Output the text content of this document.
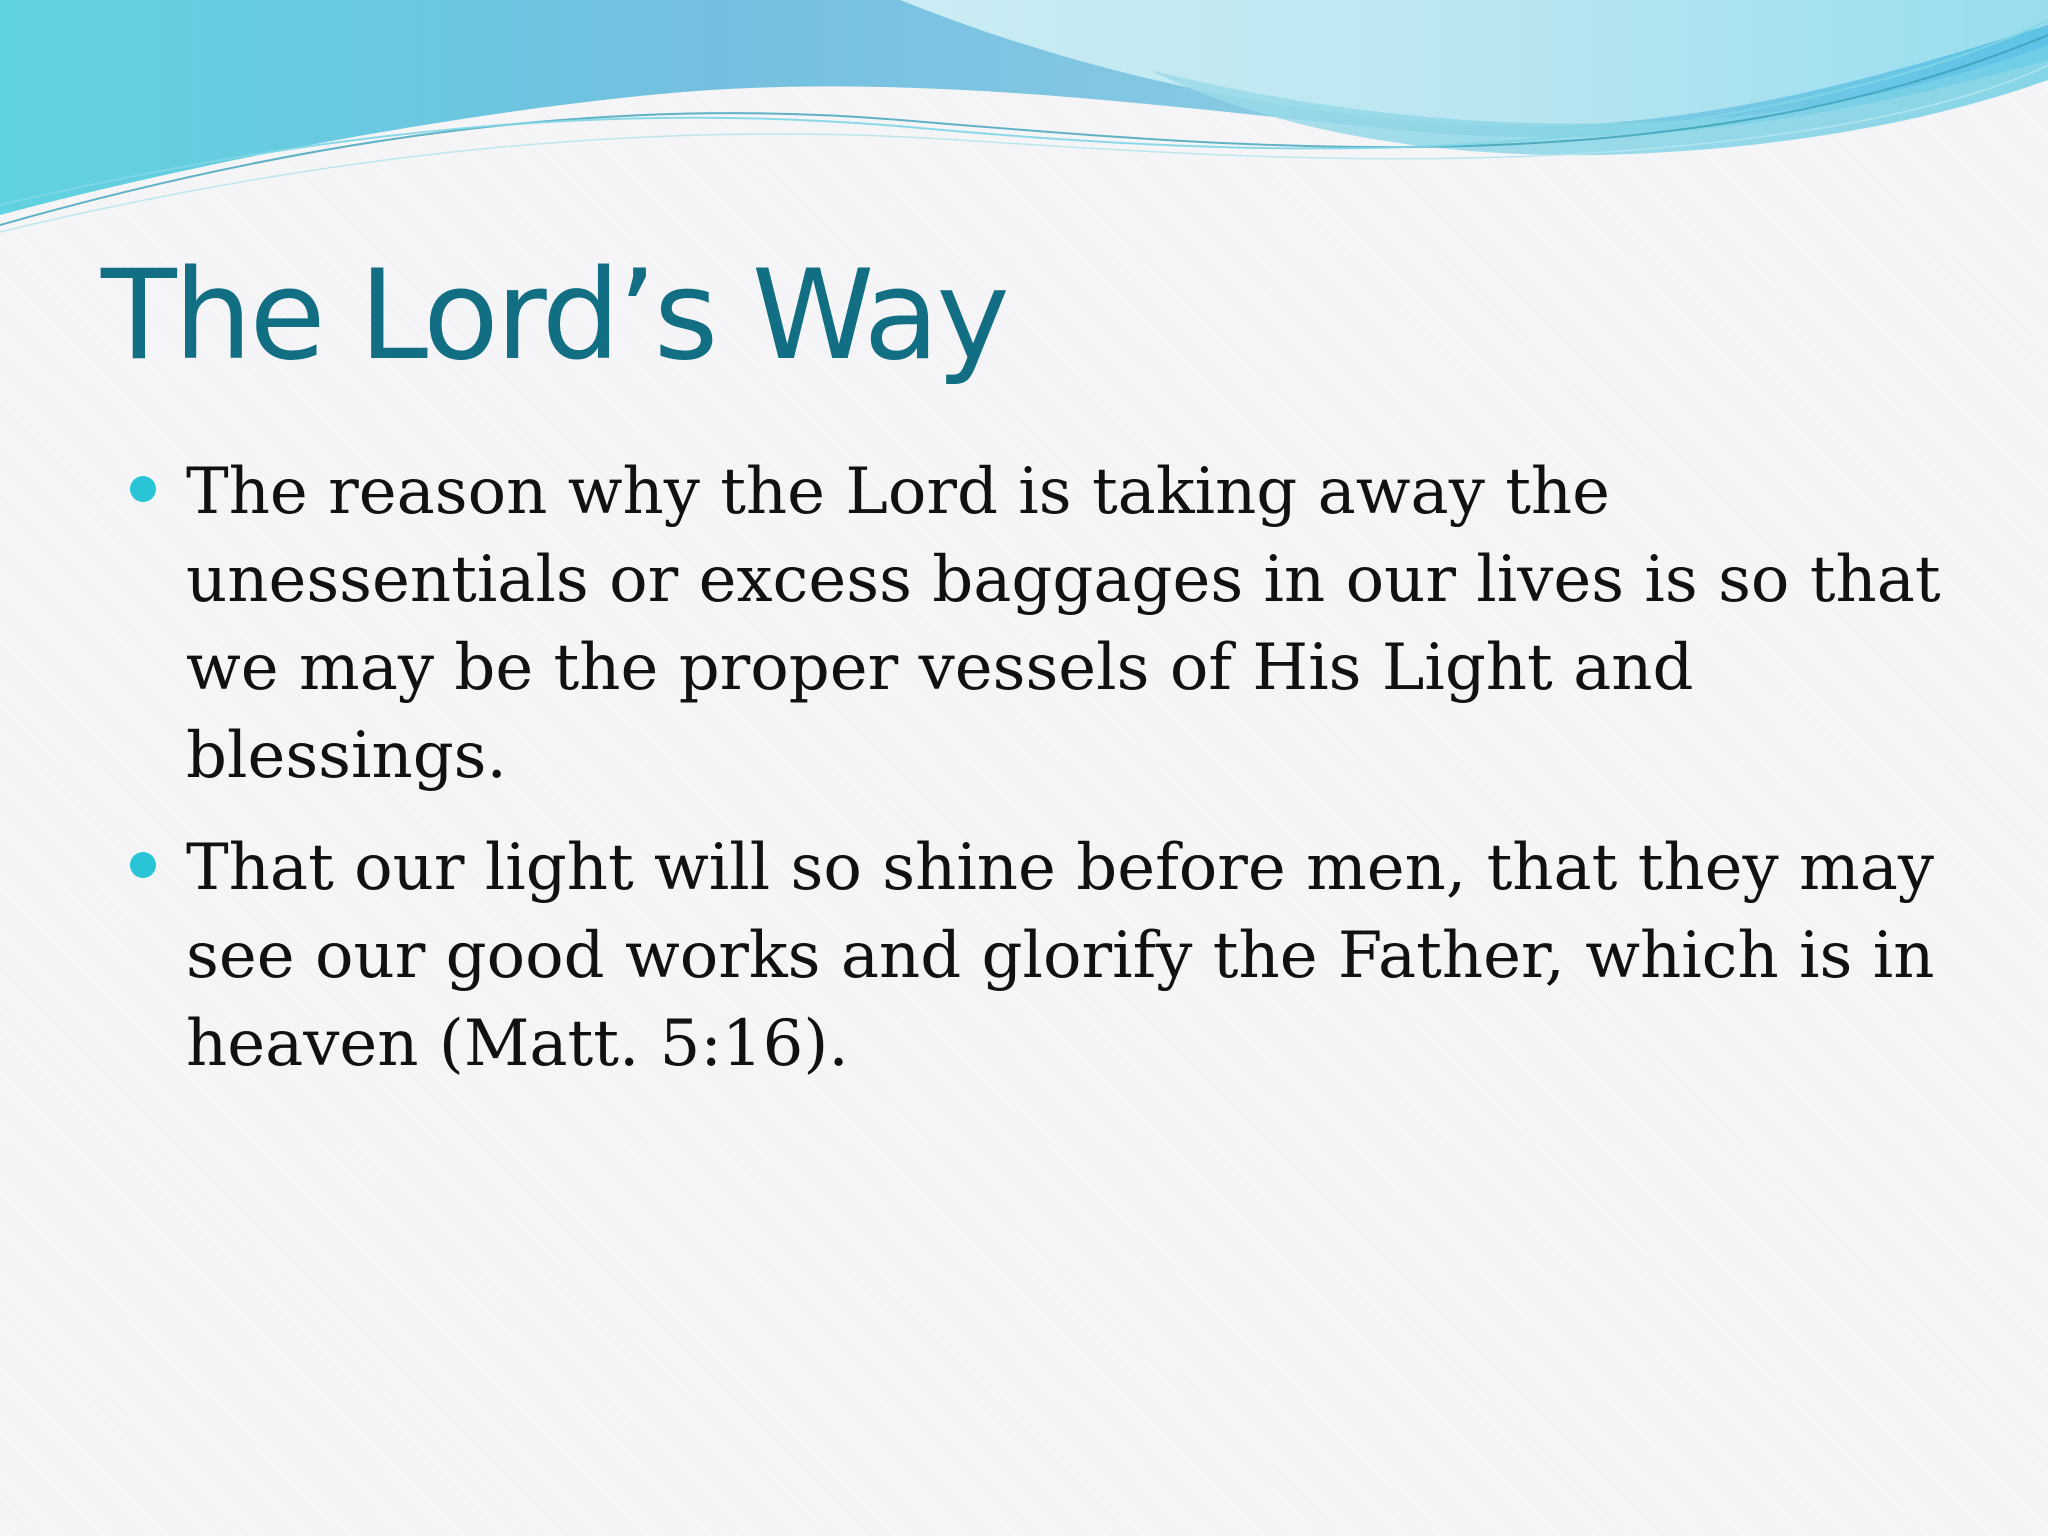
The Lord’s Way
The reason why the Lord is taking away the unessentials or excess baggages in our lives is so that we may be the proper vessels of His Light and blessings.
That our light will so shine before men, that they may see our good works and glorify the Father, which is in heaven (Matt. 5:16).
